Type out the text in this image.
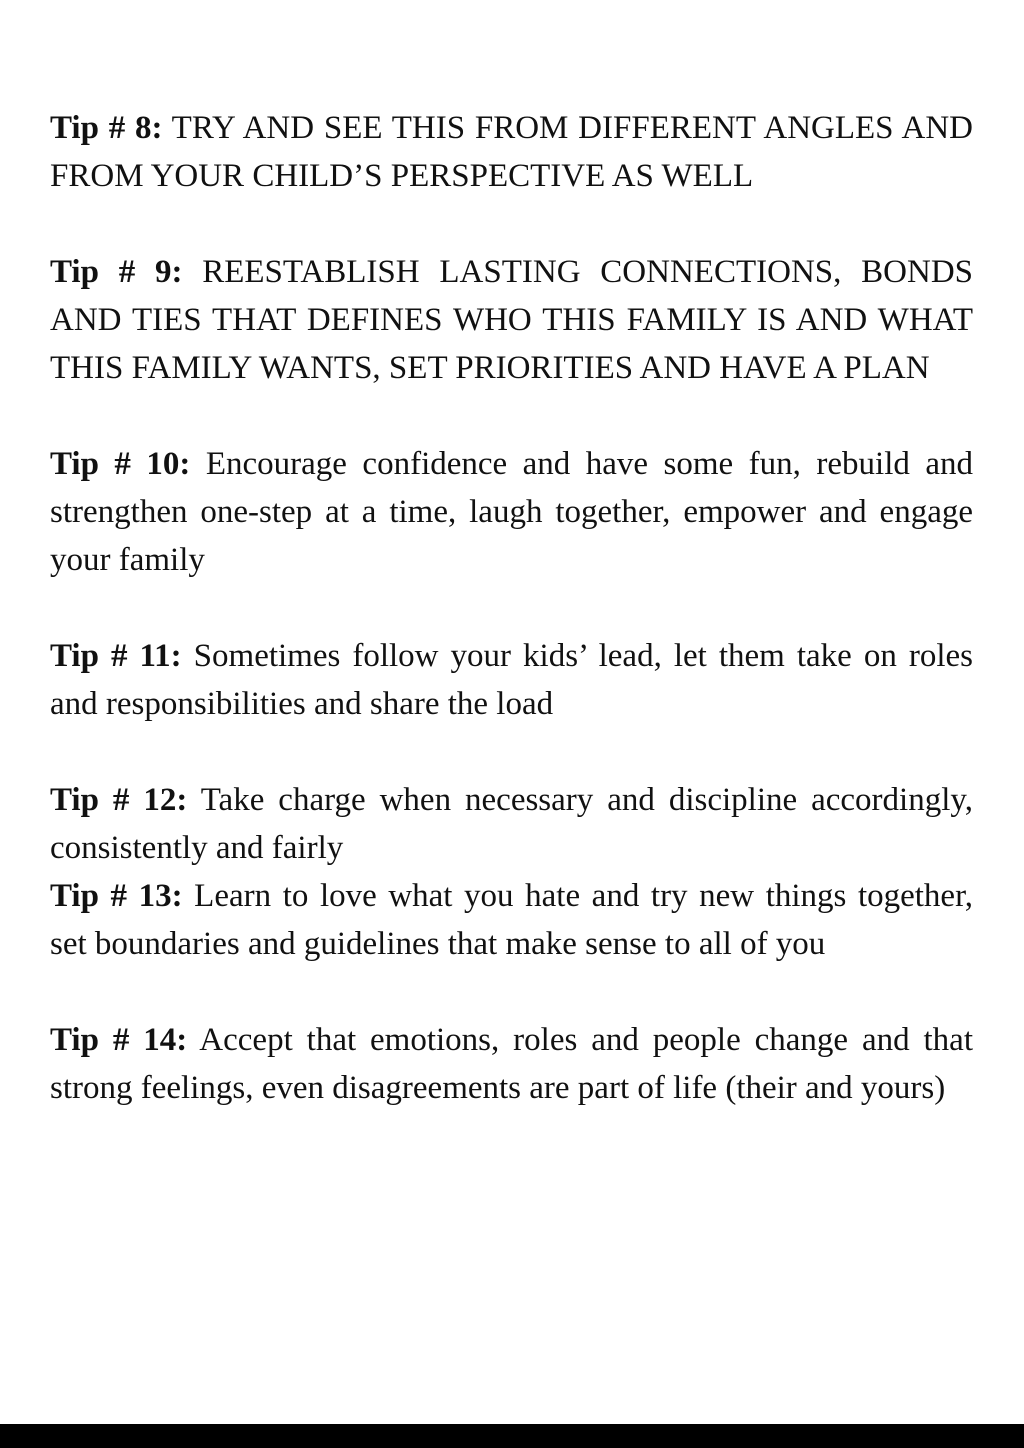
Tip # 8: TRY AND SEE THIS FROM DIFFERENT ANGLES AND FROM YOUR CHILD’S PERSPECTIVE AS WELL

Tip # 9: REESTABLISH LASTING CONNECTIONS, BONDS AND TIES THAT DEFINES WHO THIS FAMILY IS AND WHAT THIS FAMILY WANTS, SET PRIORITIES AND HAVE A PLAN

Tip # 10: Encourage confidence and have some fun, rebuild and strengthen one-step at a time, laugh together, empower and engage your family

Tip # 11: Sometimes follow your kids’ lead, let them take on roles and responsibilities and share the load

Tip # 12: Take charge when necessary and discipline accordingly, consistently and fairly

Tip # 13: Learn to love what you hate and try new things together, set boundaries and guidelines that make sense to all of you

Tip # 14: Accept that emotions, roles and people change and that strong feelings, even disagreements are part of life (their and yours)
